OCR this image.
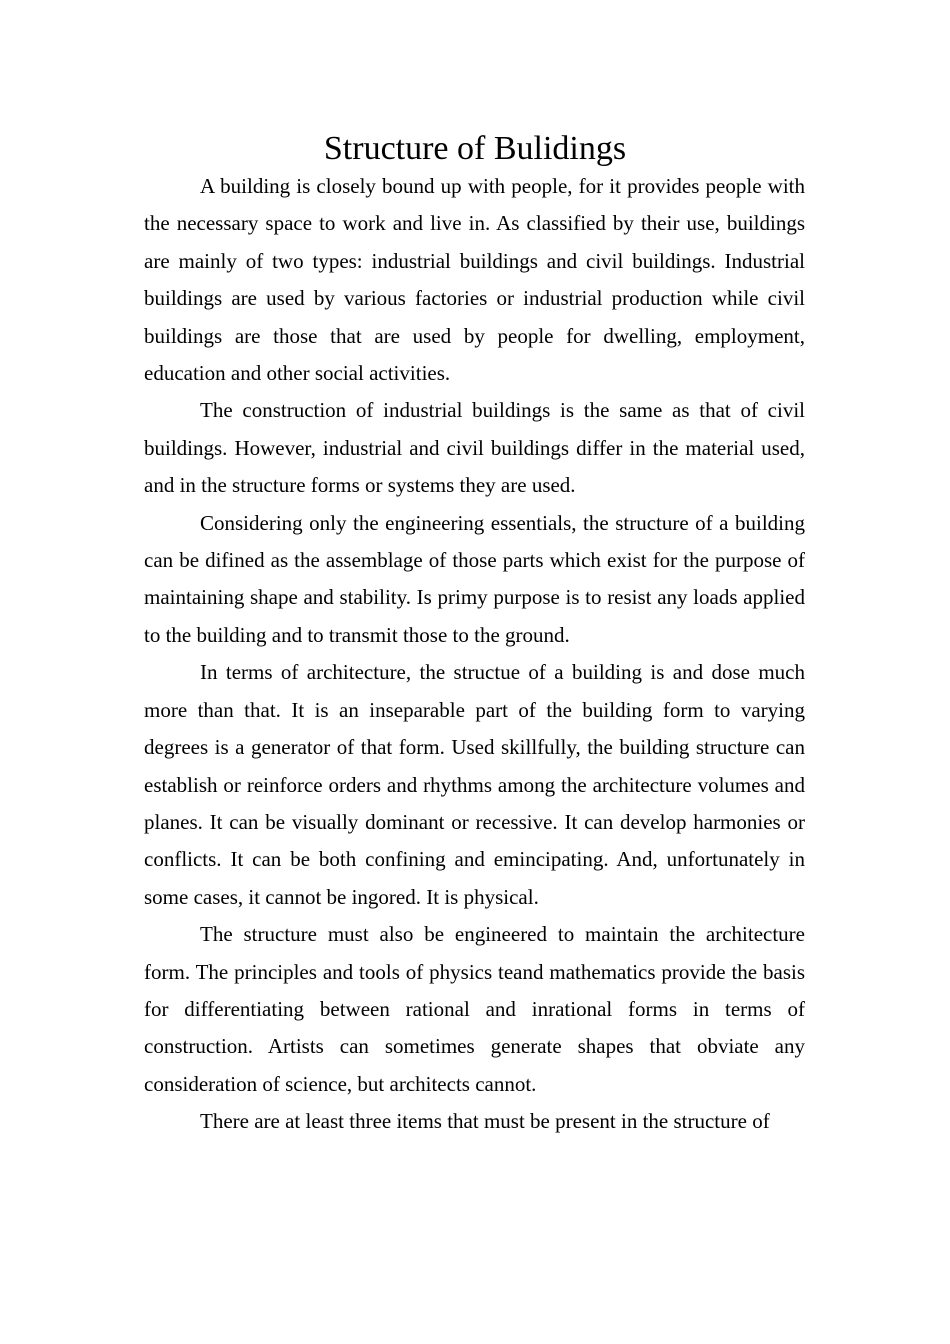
Structure of Bulidings

A building is closely bound up with people, for it provides people with the necessary space to work and live in. As classified by their use, buildings are mainly of two types: industrial buildings and civil buildings. Industrial buildings are used by various factories or industrial production while civil buildings are those that are used by people for dwelling, employment, education and other social activities.

The construction of industrial buildings is the same as that of civil buildings. However, industrial and civil buildings differ in the material used, and in the structure forms or systems they are used.

Considering only the engineering essentials, the structure of a building can be difined as the assemblage of those parts which exist for the purpose of maintaining shape and stability. Is primy purpose is to resist any loads applied to the building and to transmit those to the ground.

In terms of architecture, the structue of a building is and dose much more than that. It is an inseparable part of the building form to varying degrees is a generator of that form. Used skillfully, the building structure can establish or reinforce orders and rhythms among the architecture volumes and planes. It can be visually dominant or recessive. It can develop harmonies or conflicts. It can be both confining and emincipating. And, unfortunately in some cases, it cannot be ingored. It is physical.

The structure must also be engineered to maintain the architecture form. The principles and tools of physics teand mathematics provide the basis for differentiating between rational and inrational forms in terms of construction. Artists can sometimes generate shapes that obviate any consideration of science, but architects cannot.

There are at least three items that must be present in the structure of
